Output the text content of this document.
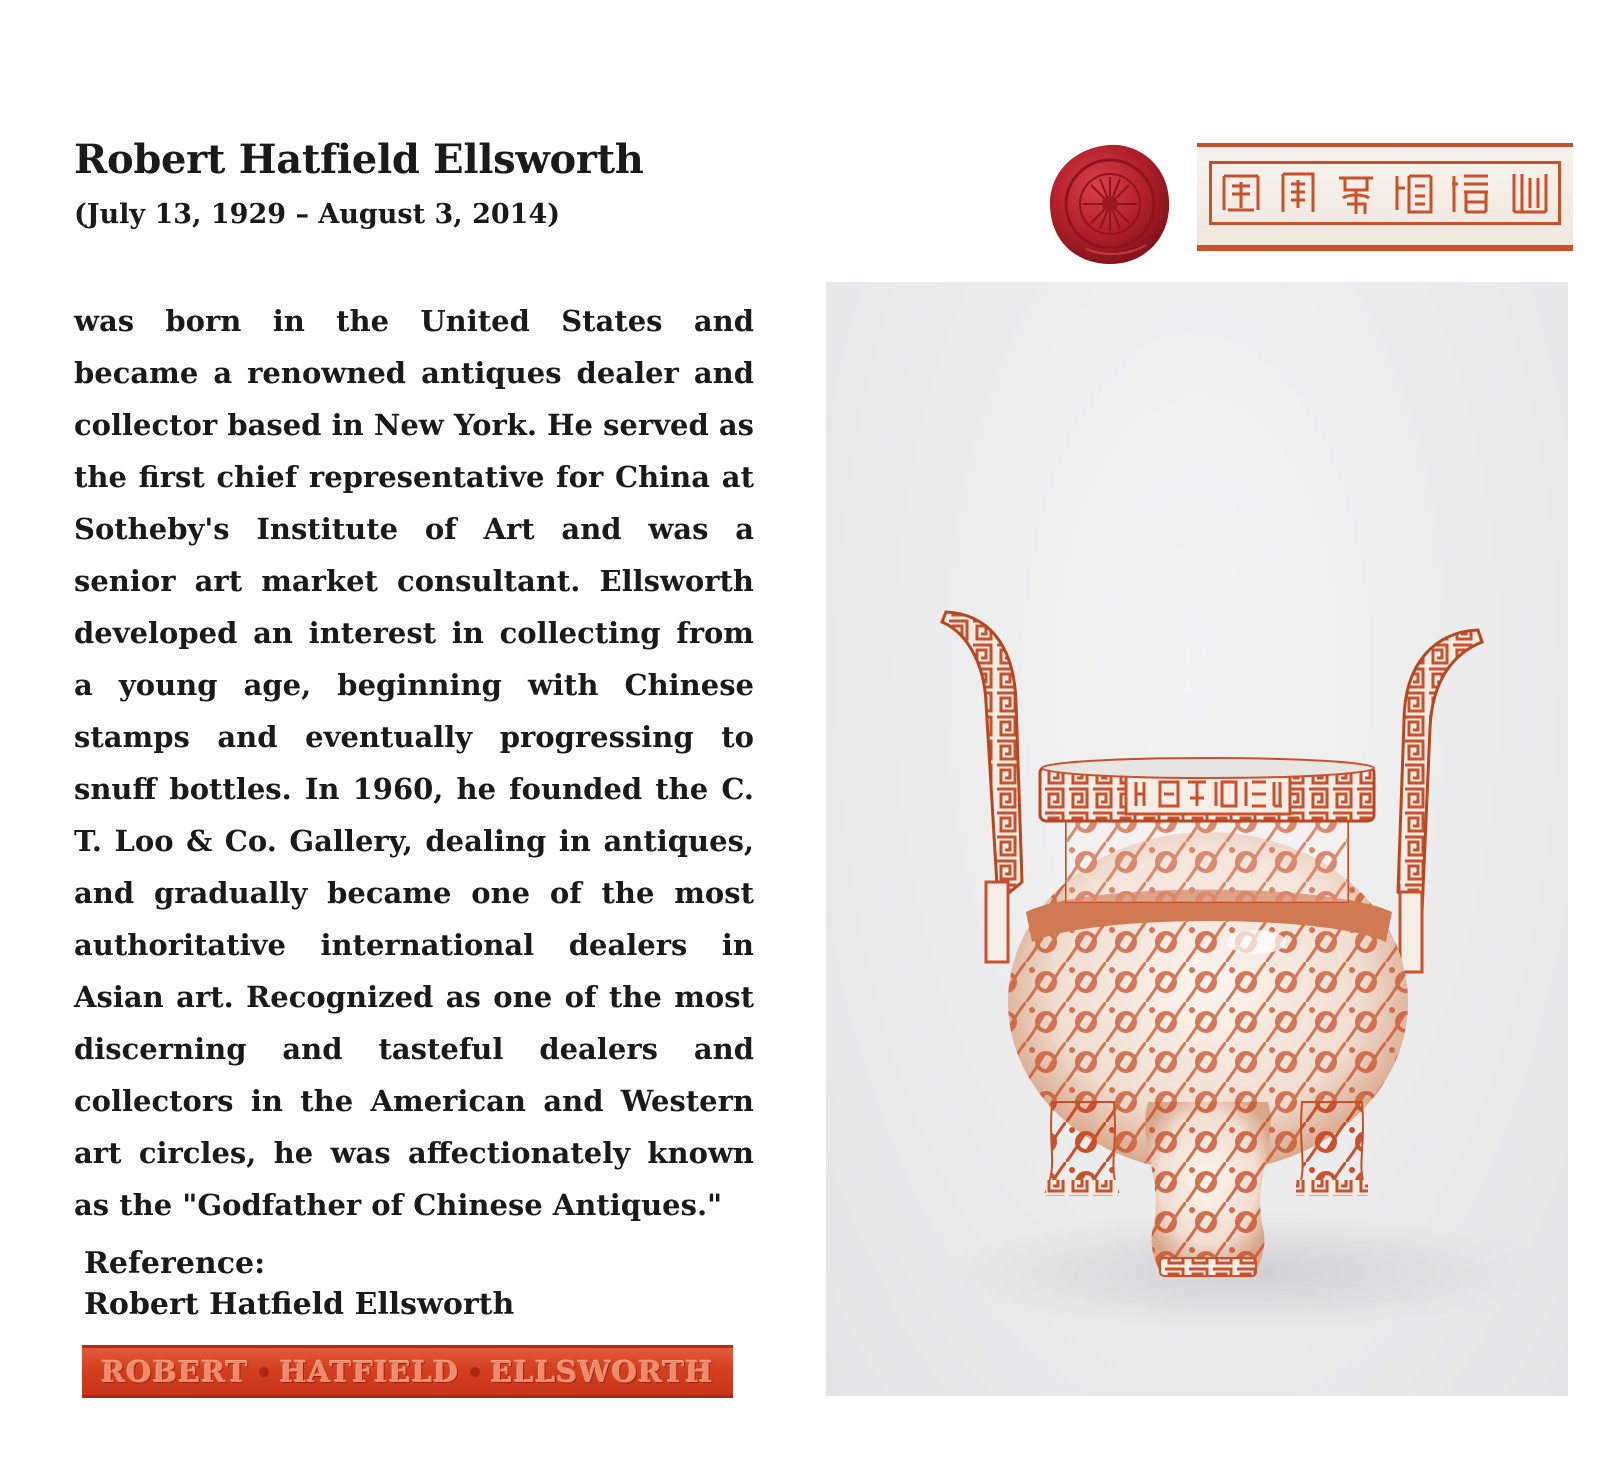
Robert Hatfield Ellsworth

(July 13, 1929 – August 3, 2014)

was born in the United States and became a renowned antiques dealer and collector based in New York. He served as the first chief representative for China at Sotheby's Institute of Art and was a senior art market consultant. Ellsworth developed an interest in collecting from a young age, beginning with Chinese stamps and eventually progressing to snuff bottles. In 1960, he founded the C. T. Loo & Co. Gallery, dealing in antiques, and gradually became one of the most authoritative international dealers in Asian art. Recognized as one of the most discerning and tasteful dealers and collectors in the American and Western art circles, he was affectionately known as the "Godfather of Chinese Antiques."

Reference:
Robert Hatfield Ellsworth
ROBERT HATFIELD ELLSWORTH
